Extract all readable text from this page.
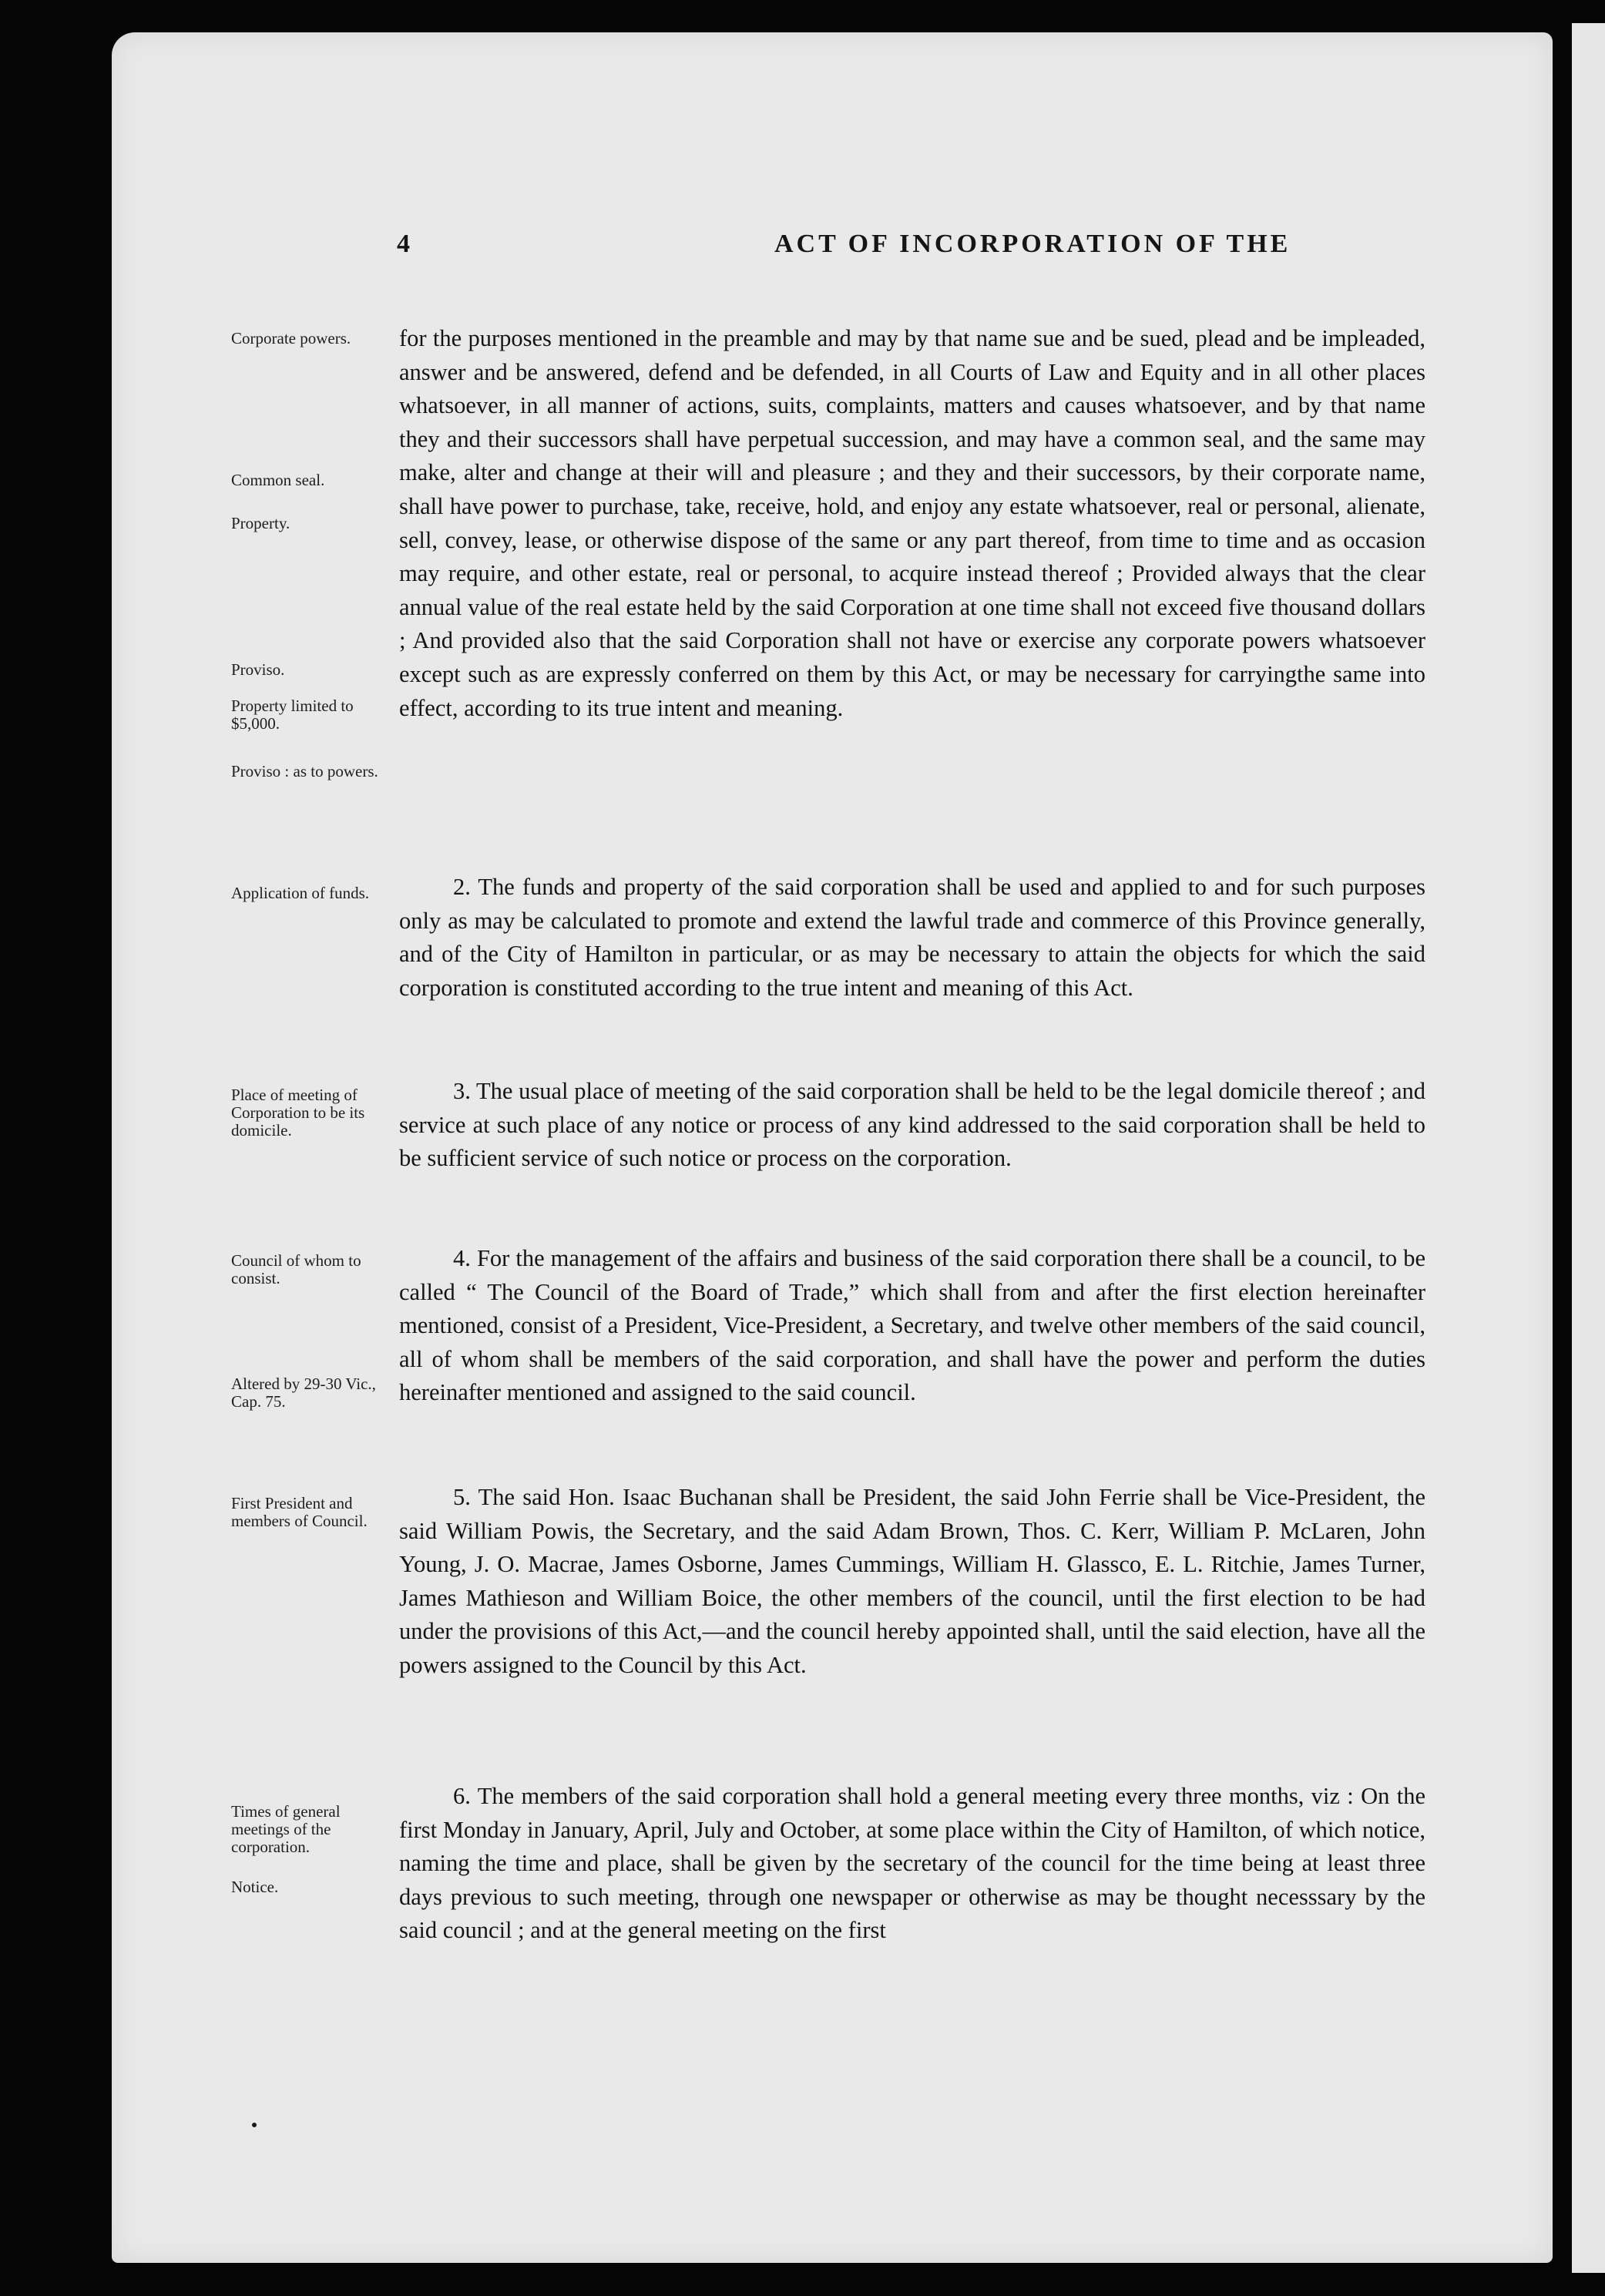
4	ACT OF INCORPORATION OF THE
Corporate powers.
Common seal.
Property.
Proviso.
Property limited to $5,000.
Proviso : as to powers.
Application of funds.
Place of meeting of Corporation to be its domicile.
Council of whom to consist.
Altered by 29-30 Vic., Cap. 75.
First President and members of Council.
Times of general meetings of the corporation.
Notice.
for the purposes mentioned in the preamble and may by that name sue and be sued, plead and be impleaded, answer and be answered, defend and be defended, in all Courts of Law and Equity and in all other places whatsoever, in all manner of actions, suits, complaints, matters and causes whatsoever, and by that name they and their successors shall have perpetual succession, and may have a common seal, and the same may make, alter and change at their will and pleasure ; and they and their successors, by their corporate name, shall have power to purchase, take, receive, hold, and enjoy any estate whatsoever, real or personal, alienate, sell, convey, lease, or otherwise dispose of the same or any part thereof, from time to time and as occasion may require, and other estate, real or personal, to acquire instead thereof ; Provided always that the clear annual value of the real estate held by the said Corporation at one time shall not exceed five thousand dollars ; And provided also that the said Corporation shall not have or exercise any corporate powers whatsoever except such as are expressly conferred on them by this Act, or may be necessary for carryingthe same into effect, according to its true intent and meaning.
2. The funds and property of the said corporation shall be used and applied to and for such purposes only as may be calculated to promote and extend the lawful trade and commerce of this Province generally, and of the City of Hamilton in particular, or as may be necessary to attain the objects for which the said corporation is constituted according to the true intent and meaning of this Act.
3. The usual place of meeting of the said corporation shall be held to be the legal domicile thereof ; and service at such place of any notice or process of any kind addressed to the said corporation shall be held to be sufficient service of such notice or process on the corporation.
4. For the management of the affairs and business of the said corporation there shall be a council, to be called “ The Council of the Board of Trade,” which shall from and after the first election hereinafter mentioned, consist of a President, Vice-President, a Secretary, and twelve other members of the said council, all of whom shall be members of the said corporation, and shall have the power and perform the duties hereinafter mentioned and assigned to the said council.
5. The said Hon. Isaac Buchanan shall be President, the said John Ferrie shall be Vice-President, the said William Powis, the Secretary, and the said Adam Brown, Thos. C. Kerr, William P. McLaren, John Young, J. O. Macrae, James Osborne, James Cummings, William H. Glassco, E. L. Ritchie, James Turner, James Mathieson and William Boice, the other members of the council, until the first election to be had under the provisions of this Act,—and the council hereby appointed shall, until the said election, have all the powers assigned to the Council by this Act.
6. The members of the said corporation shall hold a general meeting every three months, viz : On the first Monday in January, April, July and October, at some place within the City of Hamilton, of which notice, naming the time and place, shall be given by the secretary of the council for the time being at least three days previous to such meeting, through one newspaper or otherwise as may be thought necesssary by the said council ; and at the general meeting on the first
